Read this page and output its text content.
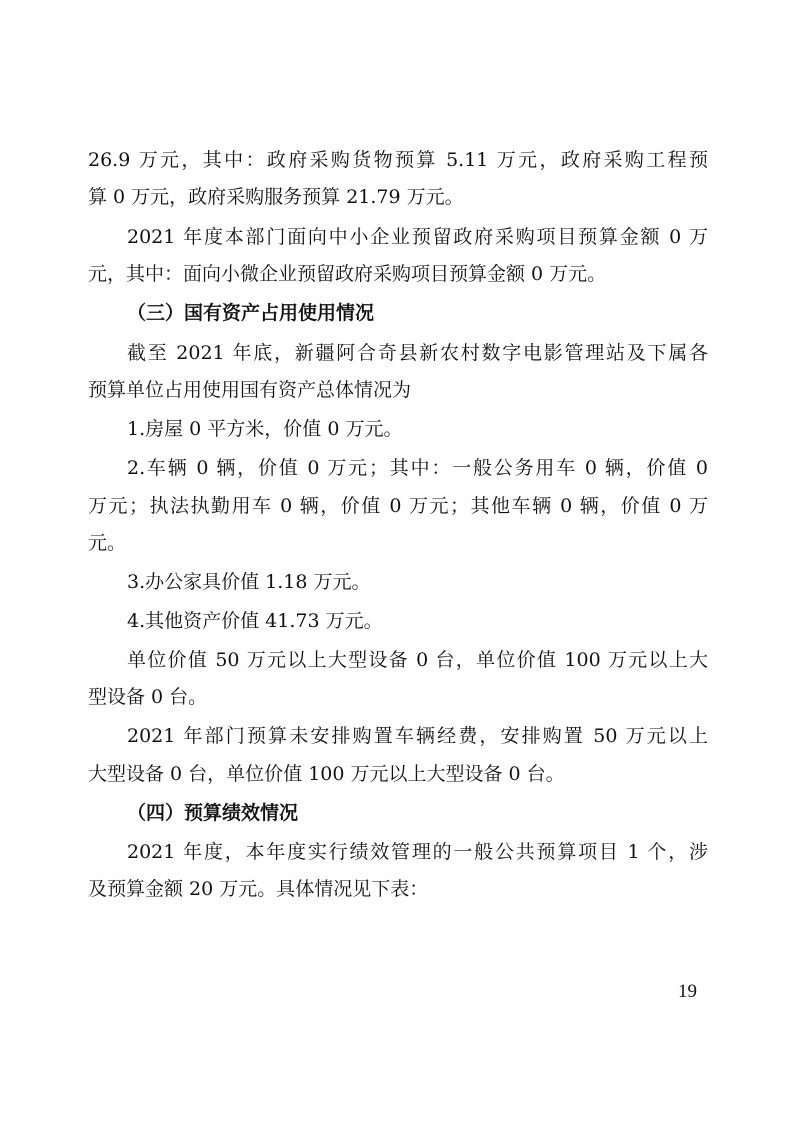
26.9 万元，其中：政府采购货物预算 5.11 万元，政府采购工程预
算 0 万元，政府采购服务预算 21.79 万元。
2021 年度本部门面向中小企业预留政府采购项目预算金额 0 万
元，其中：面向小微企业预留政府采购项目预算金额 0 万元。
（三）国有资产占用使用情况
截至 2021 年底，新疆阿合奇县新农村数字电影管理站及下属各
预算单位占用使用国有资产总体情况为
1.房屋 0 平方米，价值 0 万元。
2.车辆 0 辆，价值 0 万元；其中：一般公务用车 0 辆，价值 0
万元；执法执勤用车 0 辆，价值 0 万元；其他车辆 0 辆，价值 0 万
元。
3.办公家具价值 1.18 万元。
4.其他资产价值 41.73 万元。
单位价值 50 万元以上大型设备 0 台，单位价值 100 万元以上大
型设备 0 台。
2021 年部门预算未安排购置车辆经费，安排购置 50 万元以上
大型设备 0 台，单位价值 100 万元以上大型设备 0 台。
（四）预算绩效情况
2021 年度，本年度实行绩效管理的一般公共预算项目 1 个，涉
及预算金额 20 万元。具体情况见下表：
19
